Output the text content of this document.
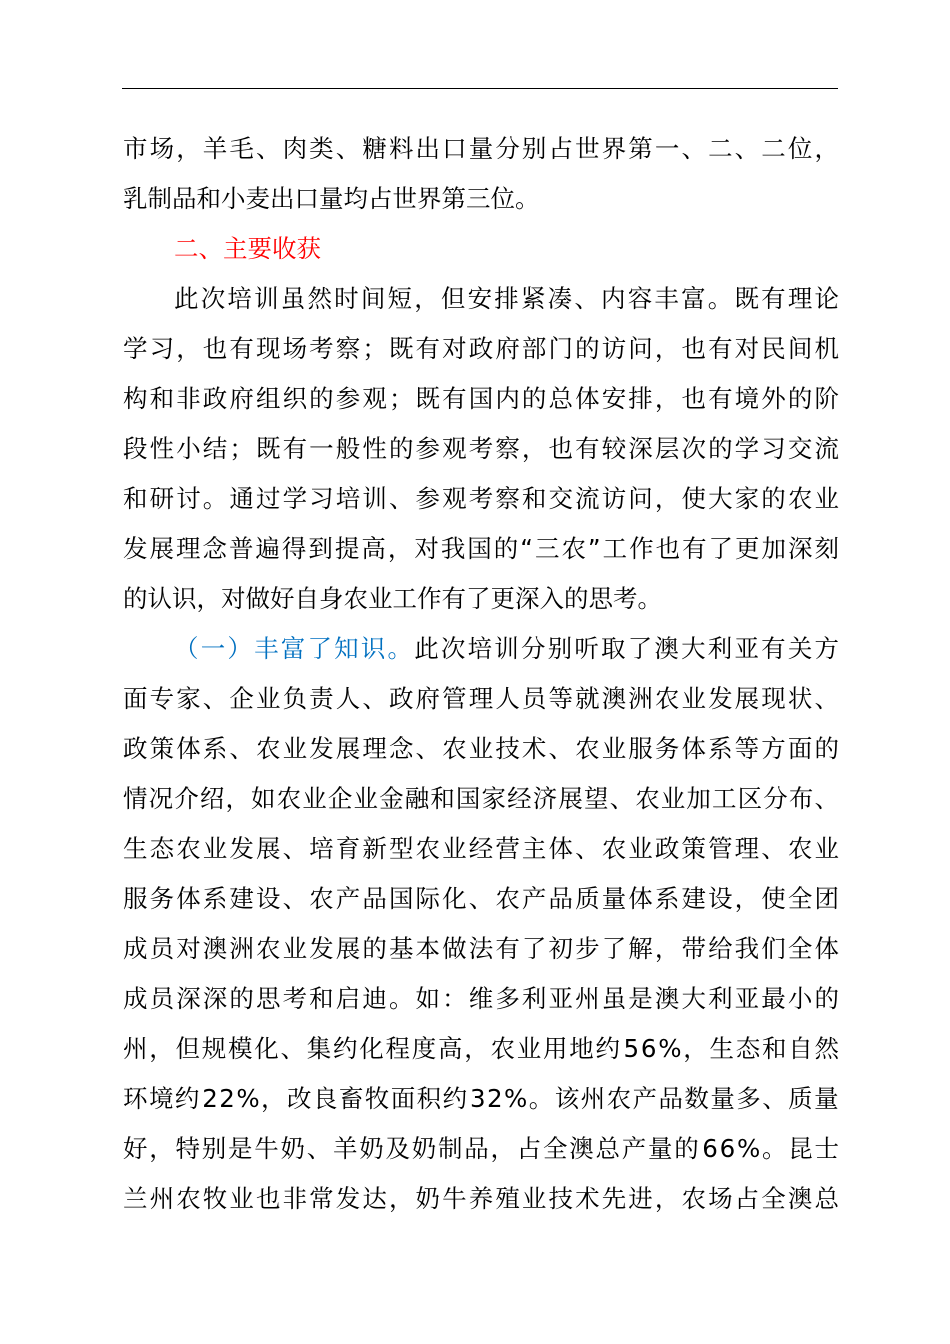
市 场 ， 羊 毛 、 肉 类 、 糖 料 出 口 量 分 别 占 世 界 第 一 、 二 、 二 位 ，
乳 制 品 和 小 麦 出 口 量 均 占 世 界 第 三 位 。
二 、 主 要 收 获
此 次 培 训 虽 然 时 间 短 ， 但 安 排 紧 凑 、 内 容 丰 富 。 既 有 理 论
学 习 ， 也 有 现 场 考 察 ； 既 有 对 政 府 部 门 的 访 问 ， 也 有 对 民 间 机
构 和 非 政 府 组 织 的 参 观 ； 既 有 国 内 的 总 体 安 排 ， 也 有 境 外 的 阶
段 性 小 结 ； 既 有 一 般 性 的 参 观 考 察 ， 也 有 较 深 层 次 的 学 习 交 流
和 研 讨 。 通 过 学 习 培 训 、 参 观 考 察 和 交 流 访 问 ， 使 大 家 的 农 业
发 展 理 念 普 遍 得 到 提 高 ， 对 我 国 的 “ 三 农 ” 工 作 也 有 了 更 加 深 刻
的 认 识 ， 对 做 好 自 身 农 业 工 作 有 了 更 深 入 的 思 考 。
（ 一 ） 丰 富 了 知 识 。 此 次 培 训 分 别 听 取 了 澳 大 利 亚 有 关 方
面 专 家 、 企 业 负 责 人 、 政 府 管 理 人 员 等 就 澳 洲 农 业 发 展 现 状 、
政 策 体 系 、 农 业 发 展 理 念 、 农 业 技 术 、 农 业 服 务 体 系 等 方 面 的
情 况 介 绍 ， 如 农 业 企 业 金 融 和 国 家 经 济 展 望 、 农 业 加 工 区 分 布 、
生 态 农 业 发 展 、 培 育 新 型 农 业 经 营 主 体 、 农 业 政 策 管 理 、 农 业
服 务 体 系 建 设 、 农 产 品 国 际 化 、 农 产 品 质 量 体 系 建 设 ， 使 全 团
成 员 对 澳 洲 农 业 发 展 的 基 本 做 法 有 了 初 步 了 解 ， 带 给 我 们 全 体
成 员 深 深 的 思 考 和 启 迪 。 如 ： 维 多 利 亚 州 虽 是 澳 大 利 亚 最 小 的
州 ， 但 规 模 化 、 集 约 化 程 度 高 ， 农 业 用 地 约 5 6 % ， 生 态 和 自 然
环 境 约 2 2 % ， 改 良 畜 牧 面 积 约 3 2 % 。 该 州 农 产 品 数 量 多 、 质 量
好 ， 特 别 是 牛 奶 、 羊 奶 及 奶 制 品 ， 占 全 澳 总 产 量 的 6 6 % 。 昆 士
兰 州 农 牧 业 也 非 常 发 达 ， 奶 牛 养 殖 业 技 术 先 进 ， 农 场 占 全 澳 总
